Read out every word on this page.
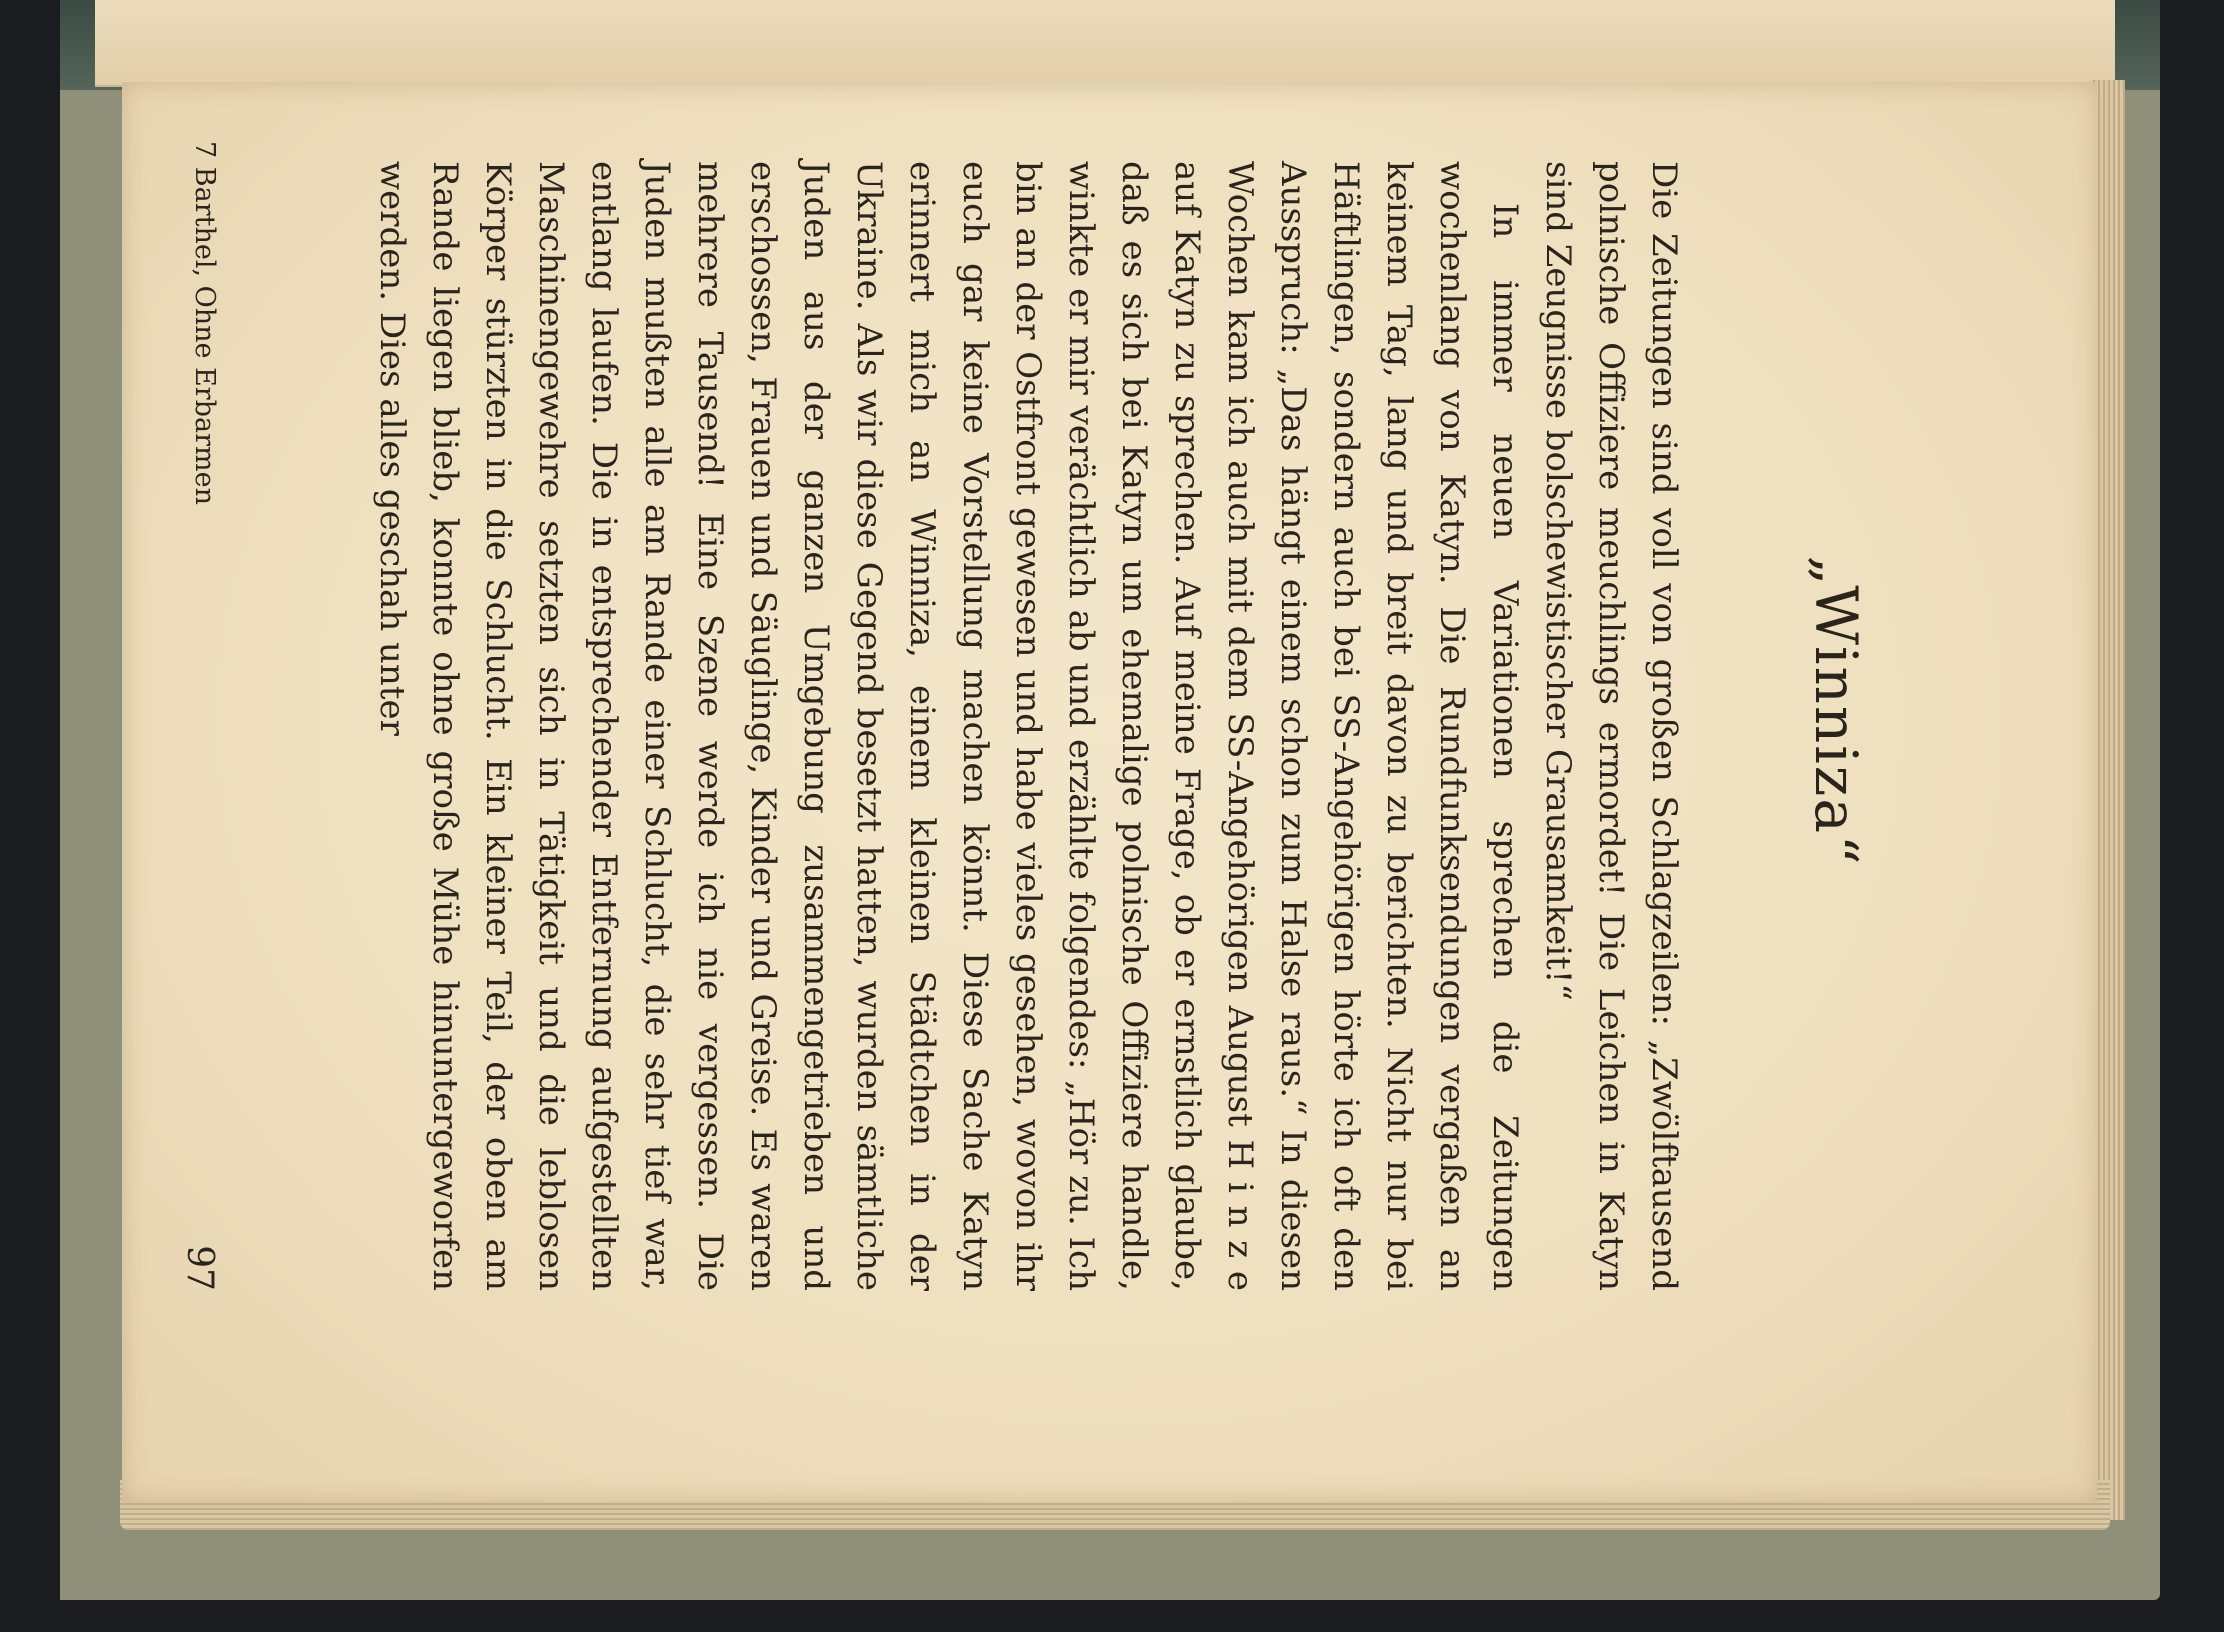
„Winniza“

Die Zeitungen sind voll von großen Schlagzeilen: „Zwölftausend polnische Offiziere meuchlings ermordet! Die Leichen in Katyn sind Zeugnisse bolschewistischer Grausamkeit!“

In immer neuen Variationen sprechen die Zeitungen wochenlang von Katyn. Die Rundfunksendungen vergaßen an keinem Tag, lang und breit davon zu berichten. Nicht nur bei Häftlingen, sondern auch bei SS-Angehörigen hörte ich oft den Ausspruch: „Das hängt einem schon zum Halse raus.“ In diesen Wochen kam ich auch mit dem SS-Angehörigen August H i n z e auf Katyn zu sprechen. Auf meine Frage, ob er ernstlich glaube, daß es sich bei Katyn um ehemalige polnische Offiziere handle, winkte er mir verächtlich ab und erzählte folgendes: „Hör zu. Ich bin an der Ostfront gewesen und habe vieles gesehen, wovon ihr euch gar keine Vorstellung machen könnt. Diese Sache Katyn erinnert mich an Winniza, einem kleinen Städtchen in der Ukraine. Als wir diese Gegend besetzt hatten, wurden sämtliche Juden aus der ganzen Umgebung zusammengetrieben und erschossen, Frauen und Säuglinge, Kinder und Greise. Es waren mehrere Tausend! Eine Szene werde ich nie vergessen. Die Juden mußten alle am Rande einer Schlucht, die sehr tief war, entlang laufen. Die in entsprechender Entfernung aufgestellten Maschinengewehre setzten sich in Tätigkeit und die leblosen Körper stürzten in die Schlucht. Ein kleiner Teil, der oben am Rande liegen blieb, konnte ohne große Mühe hinuntergeworfen werden. Dies alles geschah unter

7 Barthel, Ohne Erbarmen
97
